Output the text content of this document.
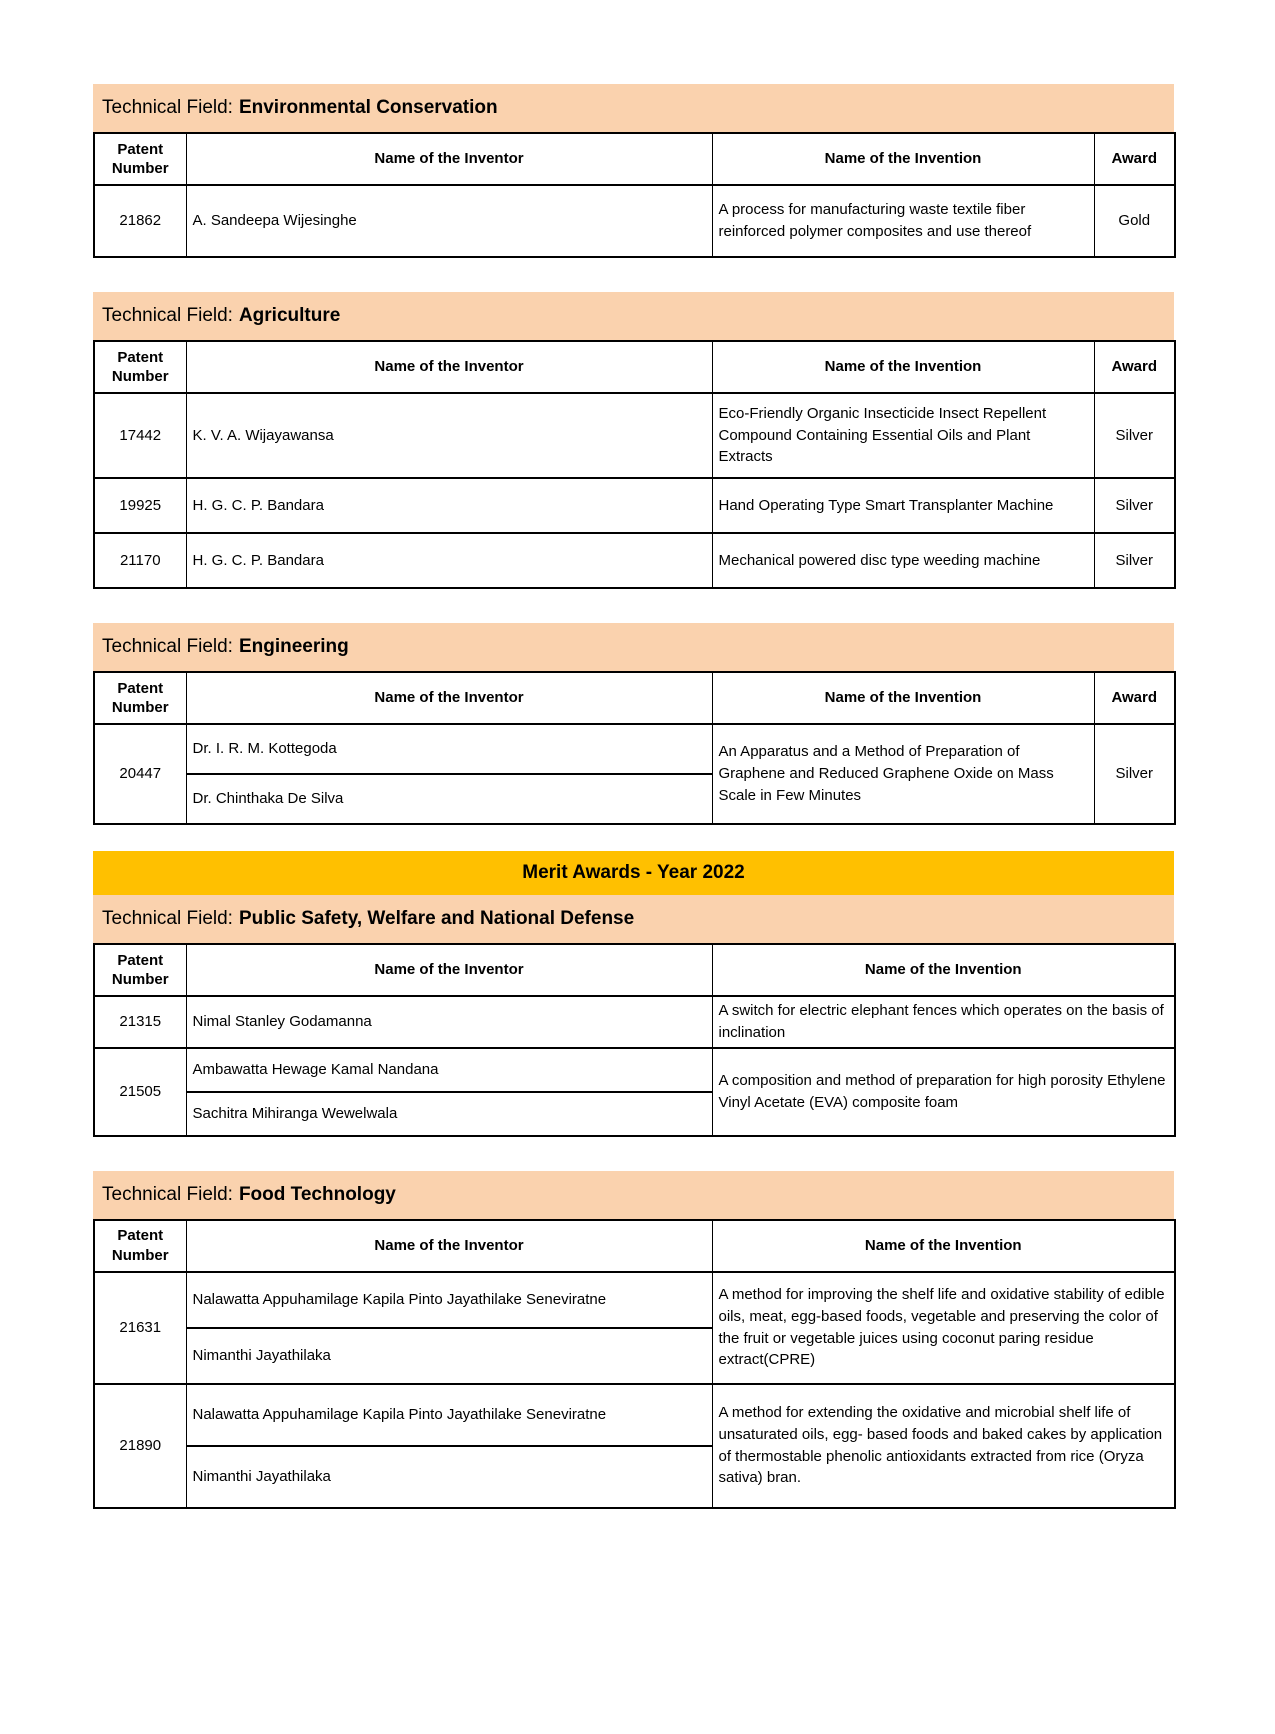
Technical Field: Environmental Conservation
Patent Number	Name of the Inventor	Name of the Invention	Award
21862	A. Sandeepa Wijesinghe	A process for manufacturing waste textile fiber reinforced polymer composites and use thereof	Gold
Technical Field: Agriculture
Patent Number	Name of the Inventor	Name of the Invention	Award
17442	K. V. A. Wijayawansa	Eco-Friendly Organic Insecticide Insect Repellent Compound Containing Essential Oils and Plant Extracts	Silver
19925	H. G. C. P. Bandara	Hand Operating Type Smart Transplanter Machine	Silver
21170	H. G. C. P. Bandara	Mechanical powered disc type weeding machine	Silver
Technical Field: Engineering
Patent Number	Name of the Inventor	Name of the Invention	Award
20447	Dr. I. R. M. Kottegoda	An Apparatus and a Method of Preparation of Graphene and Reduced Graphene Oxide on Mass Scale in Few Minutes	Silver
	Dr. Chinthaka De Silva		
Merit Awards - Year 2022
Technical Field: Public Safety, Welfare and National Defense
Patent Number	Name of the Inventor	Name of the Invention
21315	Nimal Stanley Godamanna	A switch for electric elephant fences which operates on the basis of inclination
21505	Ambawatta Hewage Kamal Nandana	A composition and method of preparation for high porosity Ethylene Vinyl Acetate (EVA) composite foam
	Sachitra Mihiranga Wewelwala	
Technical Field: Food Technology
Patent Number	Name of the Inventor	Name of the Invention
21631	Nalawatta Appuhamilage Kapila Pinto Jayathilake Seneviratne	A method for improving the shelf life and oxidative stability of edible oils, meat, egg-based foods, vegetable and preserving the color of the fruit or vegetable juices using coconut paring residue extract(CPRE)
	Nimanthi Jayathilaka	
21890	Nalawatta Appuhamilage Kapila Pinto Jayathilake Seneviratne	A method for extending the oxidative and microbial shelf life of unsaturated oils, egg- based foods and baked cakes by application of thermostable phenolic antioxidants extracted from rice (Oryza sativa) bran.
	Nimanthi Jayathilaka	
